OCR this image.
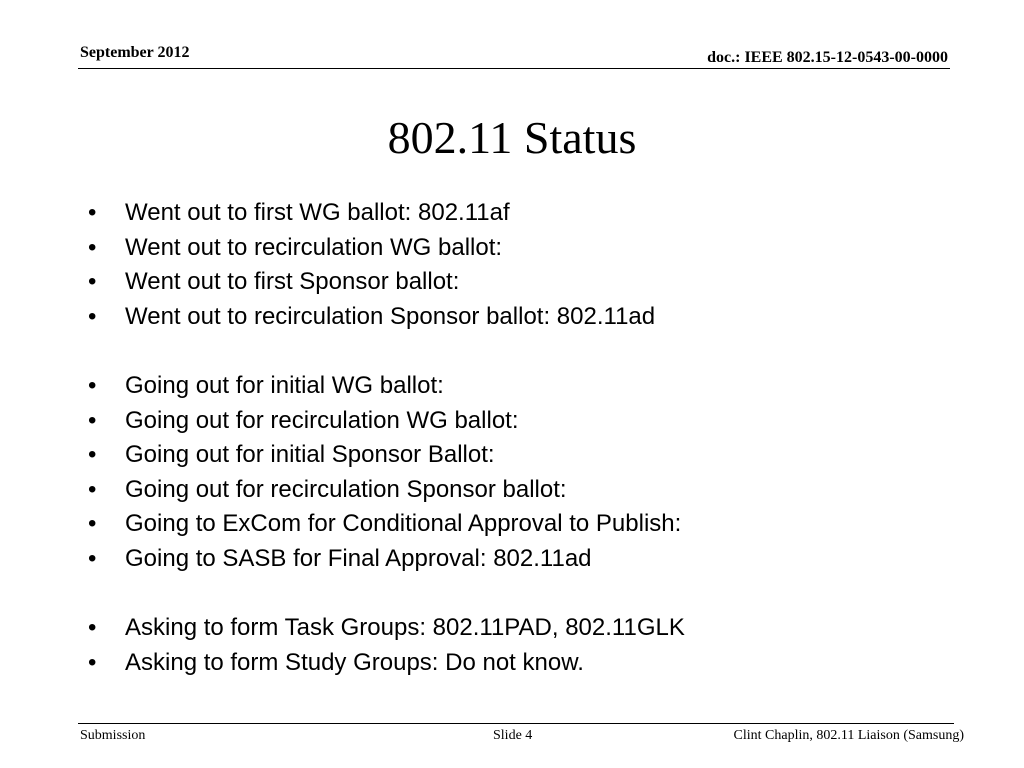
September 2012	doc.: IEEE 802.15-12-0543-00-0000
802.11 Status
• Went out to first WG ballot: 802.11af
• Went out to recirculation WG ballot:
• Went out to first Sponsor ballot:
• Went out to recirculation Sponsor ballot: 802.11ad
• Going out for initial WG ballot:
• Going out for recirculation WG ballot:
• Going out for initial Sponsor Ballot:
• Going out for recirculation Sponsor ballot:
• Going to ExCom for Conditional Approval to Publish:
• Going to SASB for Final Approval: 802.11ad
• Asking to form Task Groups: 802.11PAD, 802.11GLK
• Asking to form Study Groups: Do not know.
Submission	Slide 4	Clint Chaplin, 802.11 Liaison (Samsung)
